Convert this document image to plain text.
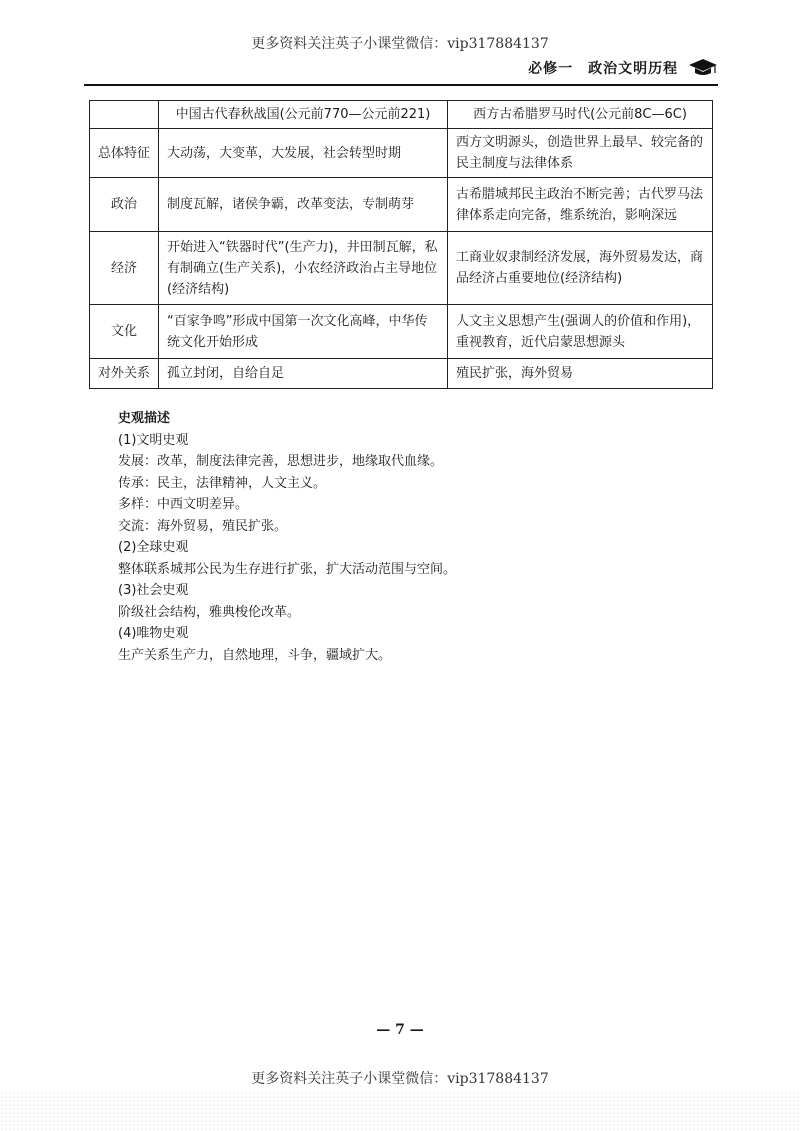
更多资料关注英子小课堂微信：vip317884137
必修一　政治文明历程
	中国古代春秋战国(公元前770—公元前221)	西方古希腊罗马时代(公元前8C—6C)
总体特征	大动荡，大变革，大发展，社会转型时期	西方文明源头，创造世界上最早、较完备的民主制度与法律体系
政治	制度瓦解，诸侯争霸，改革变法，专制萌芽	古希腊城邦民主政治不断完善；古代罗马法律体系走向完备，维系统治，影响深远
经济	开始进入“铁器时代”(生产力)，井田制瓦解，私有制确立(生产关系)，小农经济政治占主导地位(经济结构)	工商业奴隶制经济发展，海外贸易发达，商品经济占重要地位(经济结构)
文化	“百家争鸣”形成中国第一次文化高峰，中华传统文化开始形成	人文主义思想产生(强调人的价值和作用)，重视教育，近代启蒙思想源头
对外关系	孤立封闭，自给自足	殖民扩张，海外贸易

史观描述

(1)文明史观

发展：改革，制度法律完善，思想进步，地缘取代血缘。

传承：民主，法律精神，人文主义。

多样：中西文明差异。

交流：海外贸易，殖民扩张。

(2)全球史观

整体联系城邦公民为生存进行扩张，扩大活动范围与空间。

(3)社会史观

阶级社会结构，雅典梭伦改革。

(4)唯物史观

生产关系生产力，自然地理，斗争，疆域扩大。

— 7 —
更多资料关注英子小课堂微信：vip317884137
